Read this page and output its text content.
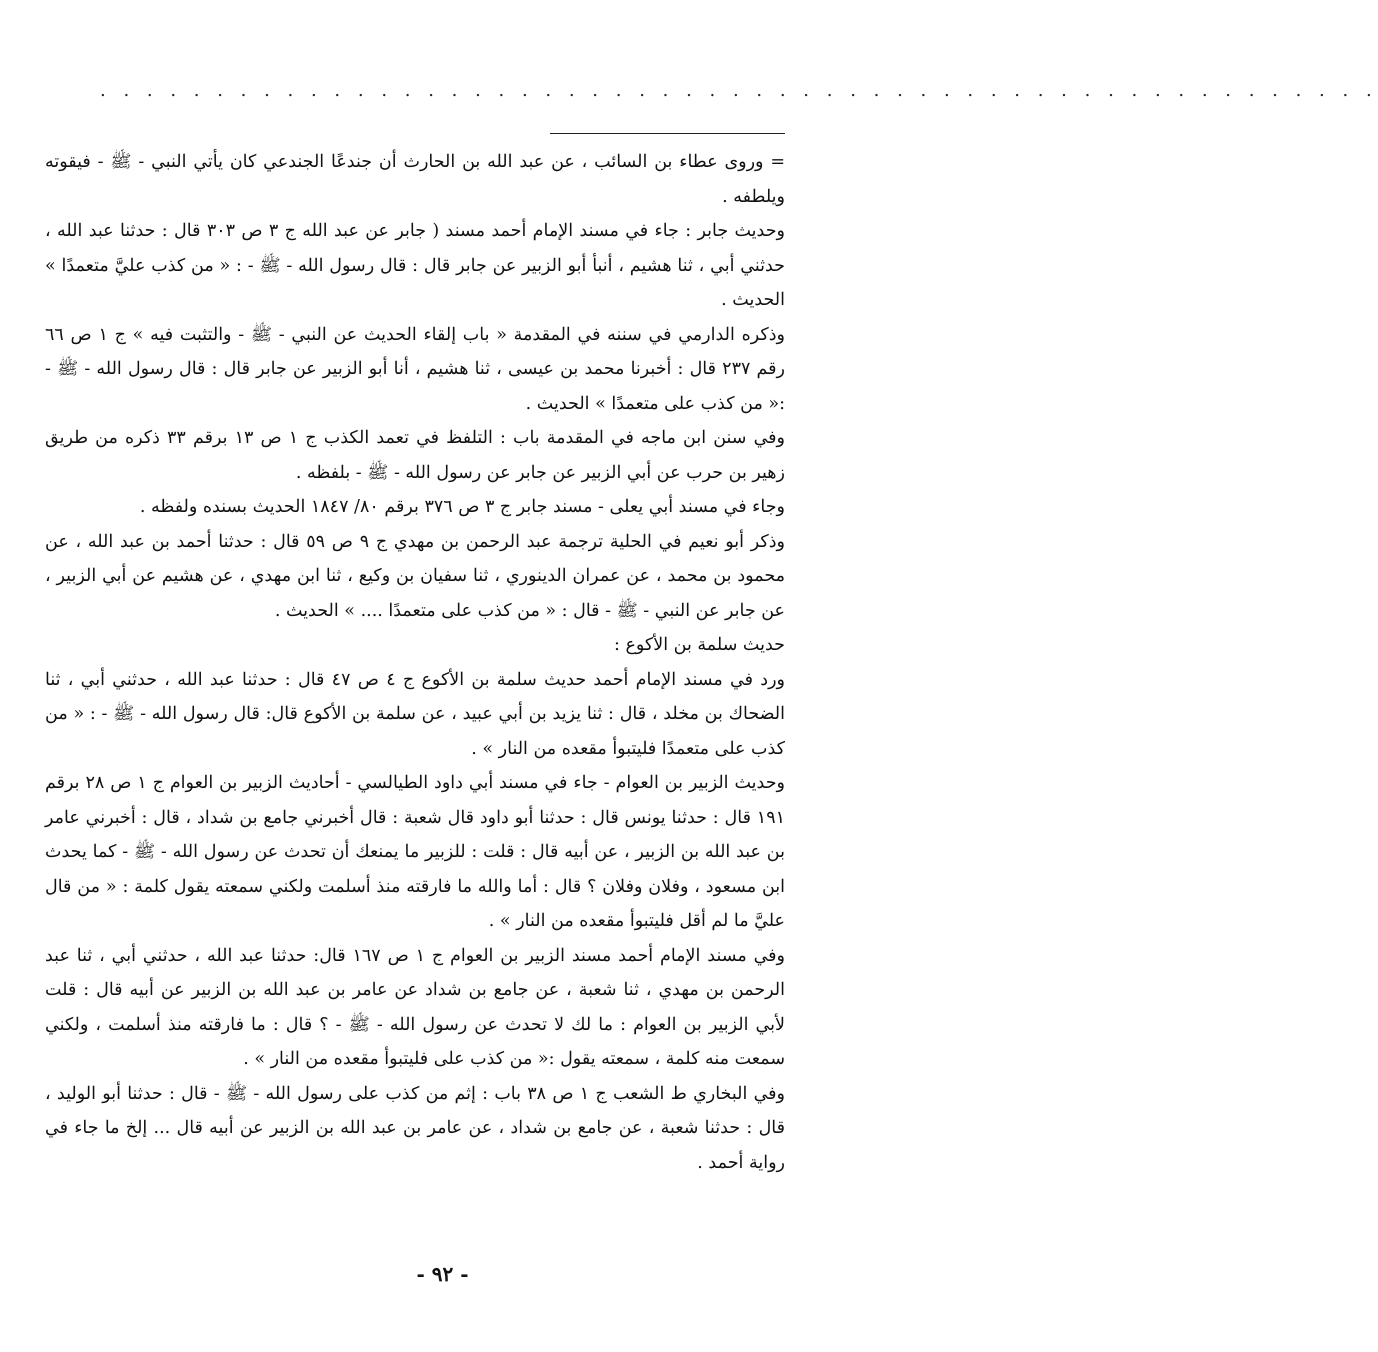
. . . . . . . . . . . . . . . . . . . . . . . . . . . . . . . . . . . . . . . . . . . . . . . . . . . . . . .

= وروى عطاء بن السائب ، عن عبد الله بن الحارث أن جندعًا الجندعي كان يأتي النبي - ﷺ - فيقوته ويلطفه .

وحديث جابر : جاء في مسند الإمام أحمد مسند ( جابر عن عبد الله ج ٣ ص ٣٠٣ قال : حدثنا عبد الله ، حدثني أبي ، ثنا هشيم ، أنبأ أبو الزبير عن جابر قال : قال رسول الله - ﷺ - : « من كذب عليَّ متعمدًا » الحديث .

وذكره الدارمي في سننه في المقدمة « باب إلقاء الحديث عن النبي - ﷺ - والتثبت فيه » ج ١ ص ٦٦ رقم ٢٣٧ قال : أخبرنا محمد بن عيسى ، ثنا هشيم ، أنا أبو الزبير عن جابر قال : قال رسول الله - ﷺ - :« من كذب على متعمدًا » الحديث .

وفي سنن ابن ماجه في المقدمة باب : التلفظ في تعمد الكذب ج ١ ص ١٣ برقم ٣٣ ذكره من طريق زهير بن حرب عن أبي الزبير عن جابر عن رسول الله - ﷺ - بلفظه .

وجاء في مسند أبي يعلى - مسند جابر ج ٣ ص ٣٧٦ برقم ٨٠/ ١٨٤٧ الحديث بسنده ولفظه .

وذكر أبو نعيم في الحلية ترجمة عبد الرحمن بن مهدي ج ٩ ص ٥٩ قال : حدثنا أحمد بن عبد الله ، عن محمود بن محمد ، عن عمران الدينوري ، ثنا سفيان بن وكيع ، ثنا ابن مهدي ، عن هشيم عن أبي الزبير ، عن جابر عن النبي - ﷺ - قال : « من كذب على متعمدًا .... » الحديث .

حديث سلمة بن الأكوع :

ورد في مسند الإمام أحمد حديث سلمة بن الأكوع ج ٤ ص ٤٧ قال : حدثنا عبد الله ، حدثني أبي ، ثنا الضحاك بن مخلد ، قال : ثنا يزيد بن أبي عبيد ، عن سلمة بن الأكوع قال: قال رسول الله - ﷺ - : « من كذب على متعمدًا فليتبوأ مقعده من النار » .

وحديث الزبير بن العوام - جاء في مسند أبي داود الطيالسي - أحاديث الزبير بن العوام ج ١ ص ٢٨ برقم ١٩١ قال : حدثنا يونس قال : حدثنا أبو داود قال شعبة : قال أخبرني جامع بن شداد ، قال : أخبرني عامر بن عبد الله بن الزبير ، عن أبيه قال : قلت : للزبير ما يمنعك أن تحدث عن رسول الله - ﷺ - كما يحدث ابن مسعود ، وفلان وفلان ؟ قال : أما والله ما فارقته منذ أسلمت ولكني سمعته يقول كلمة : « من قال عليَّ ما لم أقل فليتبوأ مقعده من النار » .

وفي مسند الإمام أحمد مسند الزبير بن العوام ج ١ ص ١٦٧ قال: حدثنا عبد الله ، حدثني أبي ، ثنا عبد الرحمن بن مهدي ، ثنا شعبة ، عن جامع بن شداد عن عامر بن عبد الله بن الزبير عن أبيه قال : قلت لأبي الزبير بن العوام : ما لك لا تحدث عن رسول الله - ﷺ - ؟ قال : ما فارقته منذ أسلمت ، ولكني سمعت منه كلمة ، سمعته يقول :« من كذب على فليتبوأ مقعده من النار » .

وفي البخاري ط الشعب ج ١ ص ٣٨ باب : إثم من كذب على رسول الله - ﷺ - قال : حدثنا أبو الوليد ، قال : حدثنا شعبة ، عن جامع بن شداد ، عن عامر بن عبد الله بن الزبير عن أبيه قال ... إلخ ما جاء في رواية أحمد .

- ٩٢ -
